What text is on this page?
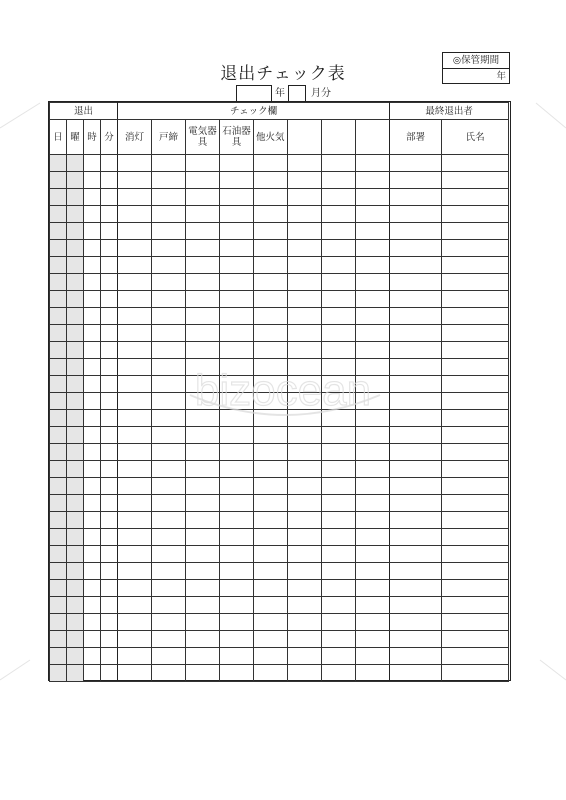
◎保管期間
年
退出チェック表
年	月分
退出				チェック欄								最終退出者	
日	曜	時	分	消灯	戸締	電気器具	石油器具	他火気				部署	氏名

bizocean
